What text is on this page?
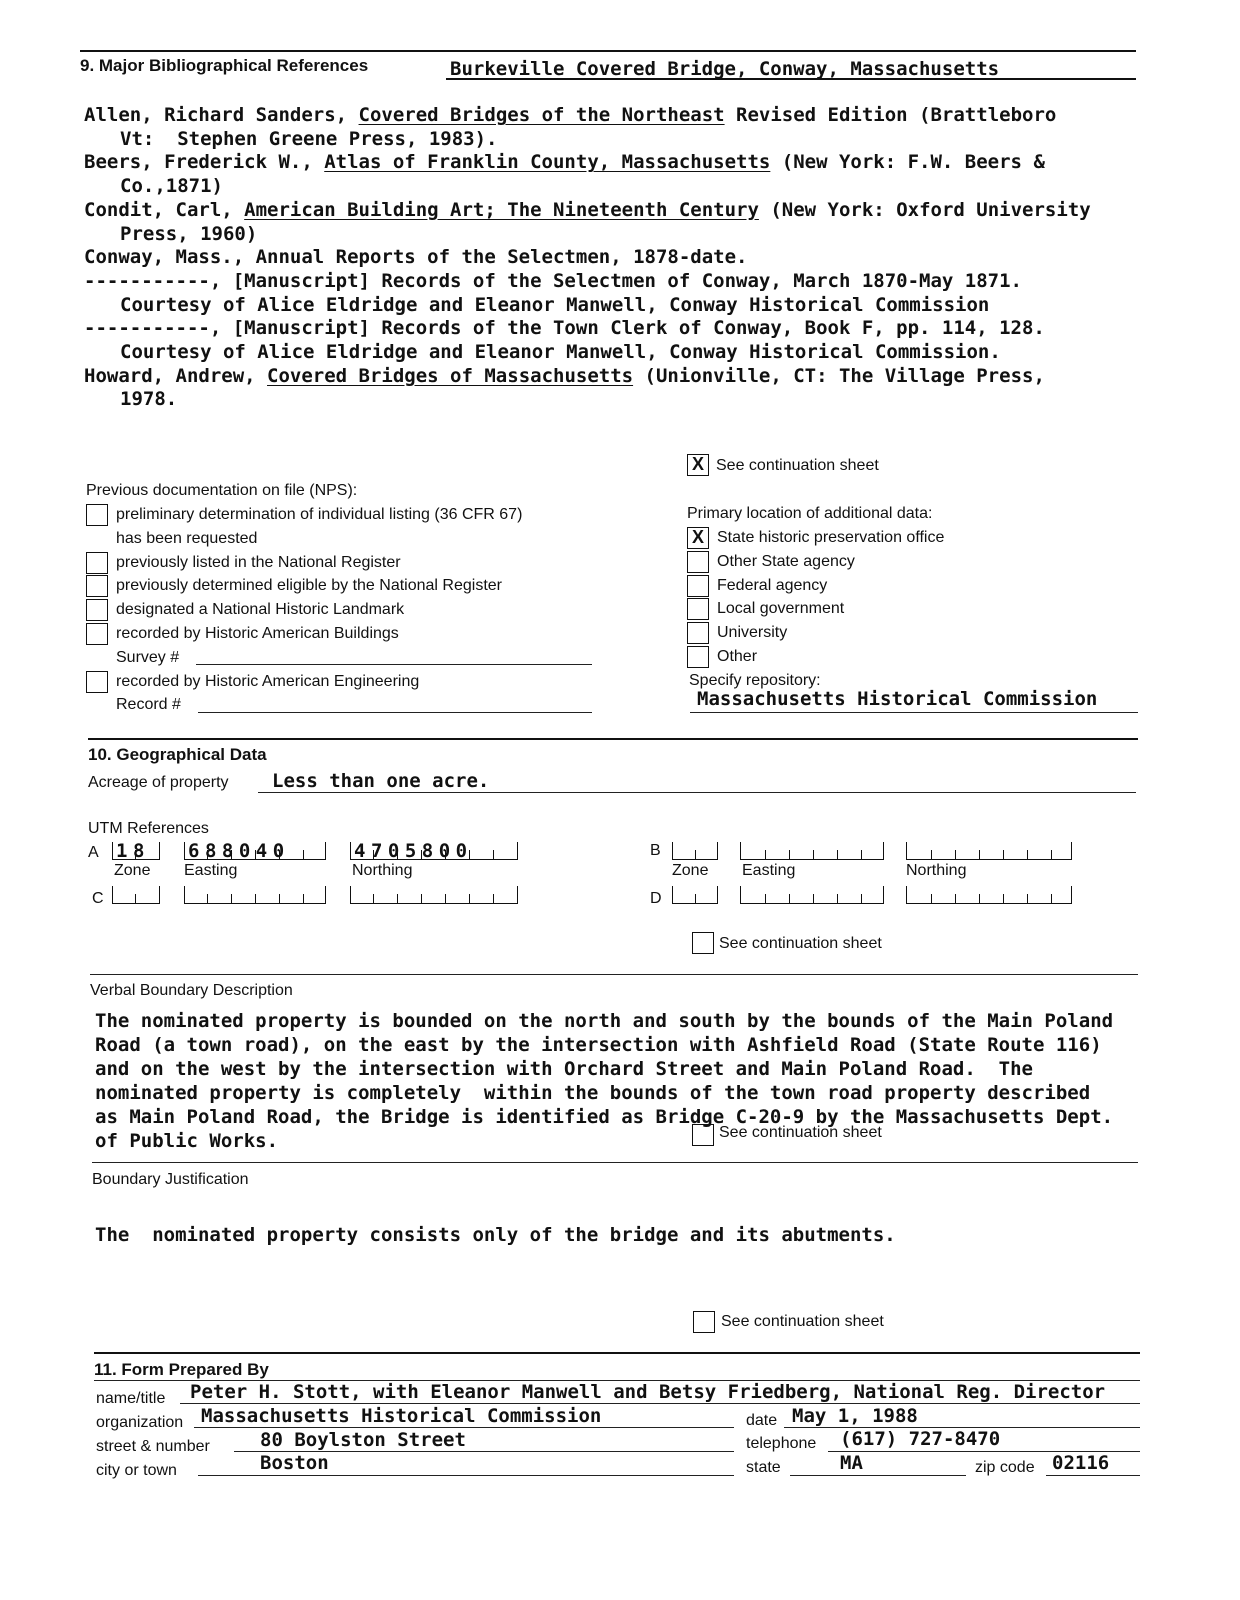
9. Major Bibliographical References	Burkeville Covered Bridge, Conway, Massachusetts
Allen, Richard Sanders, Covered Bridges of the Northeast Revised Edition (Brattleboro
Vt:  Stephen Greene Press, 1983).
Beers, Frederick W., Atlas of Franklin County, Massachusetts (New York: F.W. Beers &
Co.,1871)
Condit, Carl, American Building Art; The Nineteenth Century (New York: Oxford University
Press, 1960)
Conway, Mass., Annual Reports of the Selectmen, 1878-date.
-----------, [Manuscript] Records of the Selectmen of Conway, March 1870-May 1871.
Courtesy of Alice Eldridge and Eleanor Manwell, Conway Historical Commission
-----------, [Manuscript] Records of the Town Clerk of Conway, Book F, pp. 114, 128.
Courtesy of Alice Eldridge and Eleanor Manwell, Conway Historical Commission.
Howard, Andrew, Covered Bridges of Massachusetts (Unionville, CT: The Village Press,
1978.
X See continuation sheet
Previous documentation on file (NPS):
preliminary determination of individual listing (36 CFR 67)
has been requested
previously listed in the National Register
previously determined eligible by the National Register
designated a National Historic Landmark
recorded by Historic American Buildings
Survey #
recorded by Historic American Engineering
Record #
Primary location of additional data:
X State historic preservation office
Other State agency
Federal agency
Local government
University
Other
Specify repository:
Massachusetts Historical Commission
10. Geographical Data
Acreage of property Less than one acre.
UTM References
A 18 688040	4705800
Zone Easting	Northing
B
Zone Easting	Northing
C	D
See continuation sheet
Verbal Boundary Description
The nominated property is bounded on the north and south by the bounds of the Main Poland
Road (a town road), on the east by the intersection with Ashfield Road (State Route 116)
and on the west by the intersection with Orchard Street and Main Poland Road.  The
nominated property is completely  within the bounds of the town road property described
as Main Poland Road, the Bridge is identified as Bridge C-20-9 by the Massachusetts Dept.
of Public Works.	See continuation sheet
Boundary Justification
The  nominated property consists only of the bridge and its abutments.
See continuation sheet
11. Form Prepared By
name/title Peter H. Stott, with Eleanor Manwell and Betsy Friedberg, National Reg. Director
organization Massachusetts Historical Commission	date May 1, 1988
street & number	80 Boylston Street	telephone (617) 727-8470
city or town	Boston	state	MA	zip code 02116
